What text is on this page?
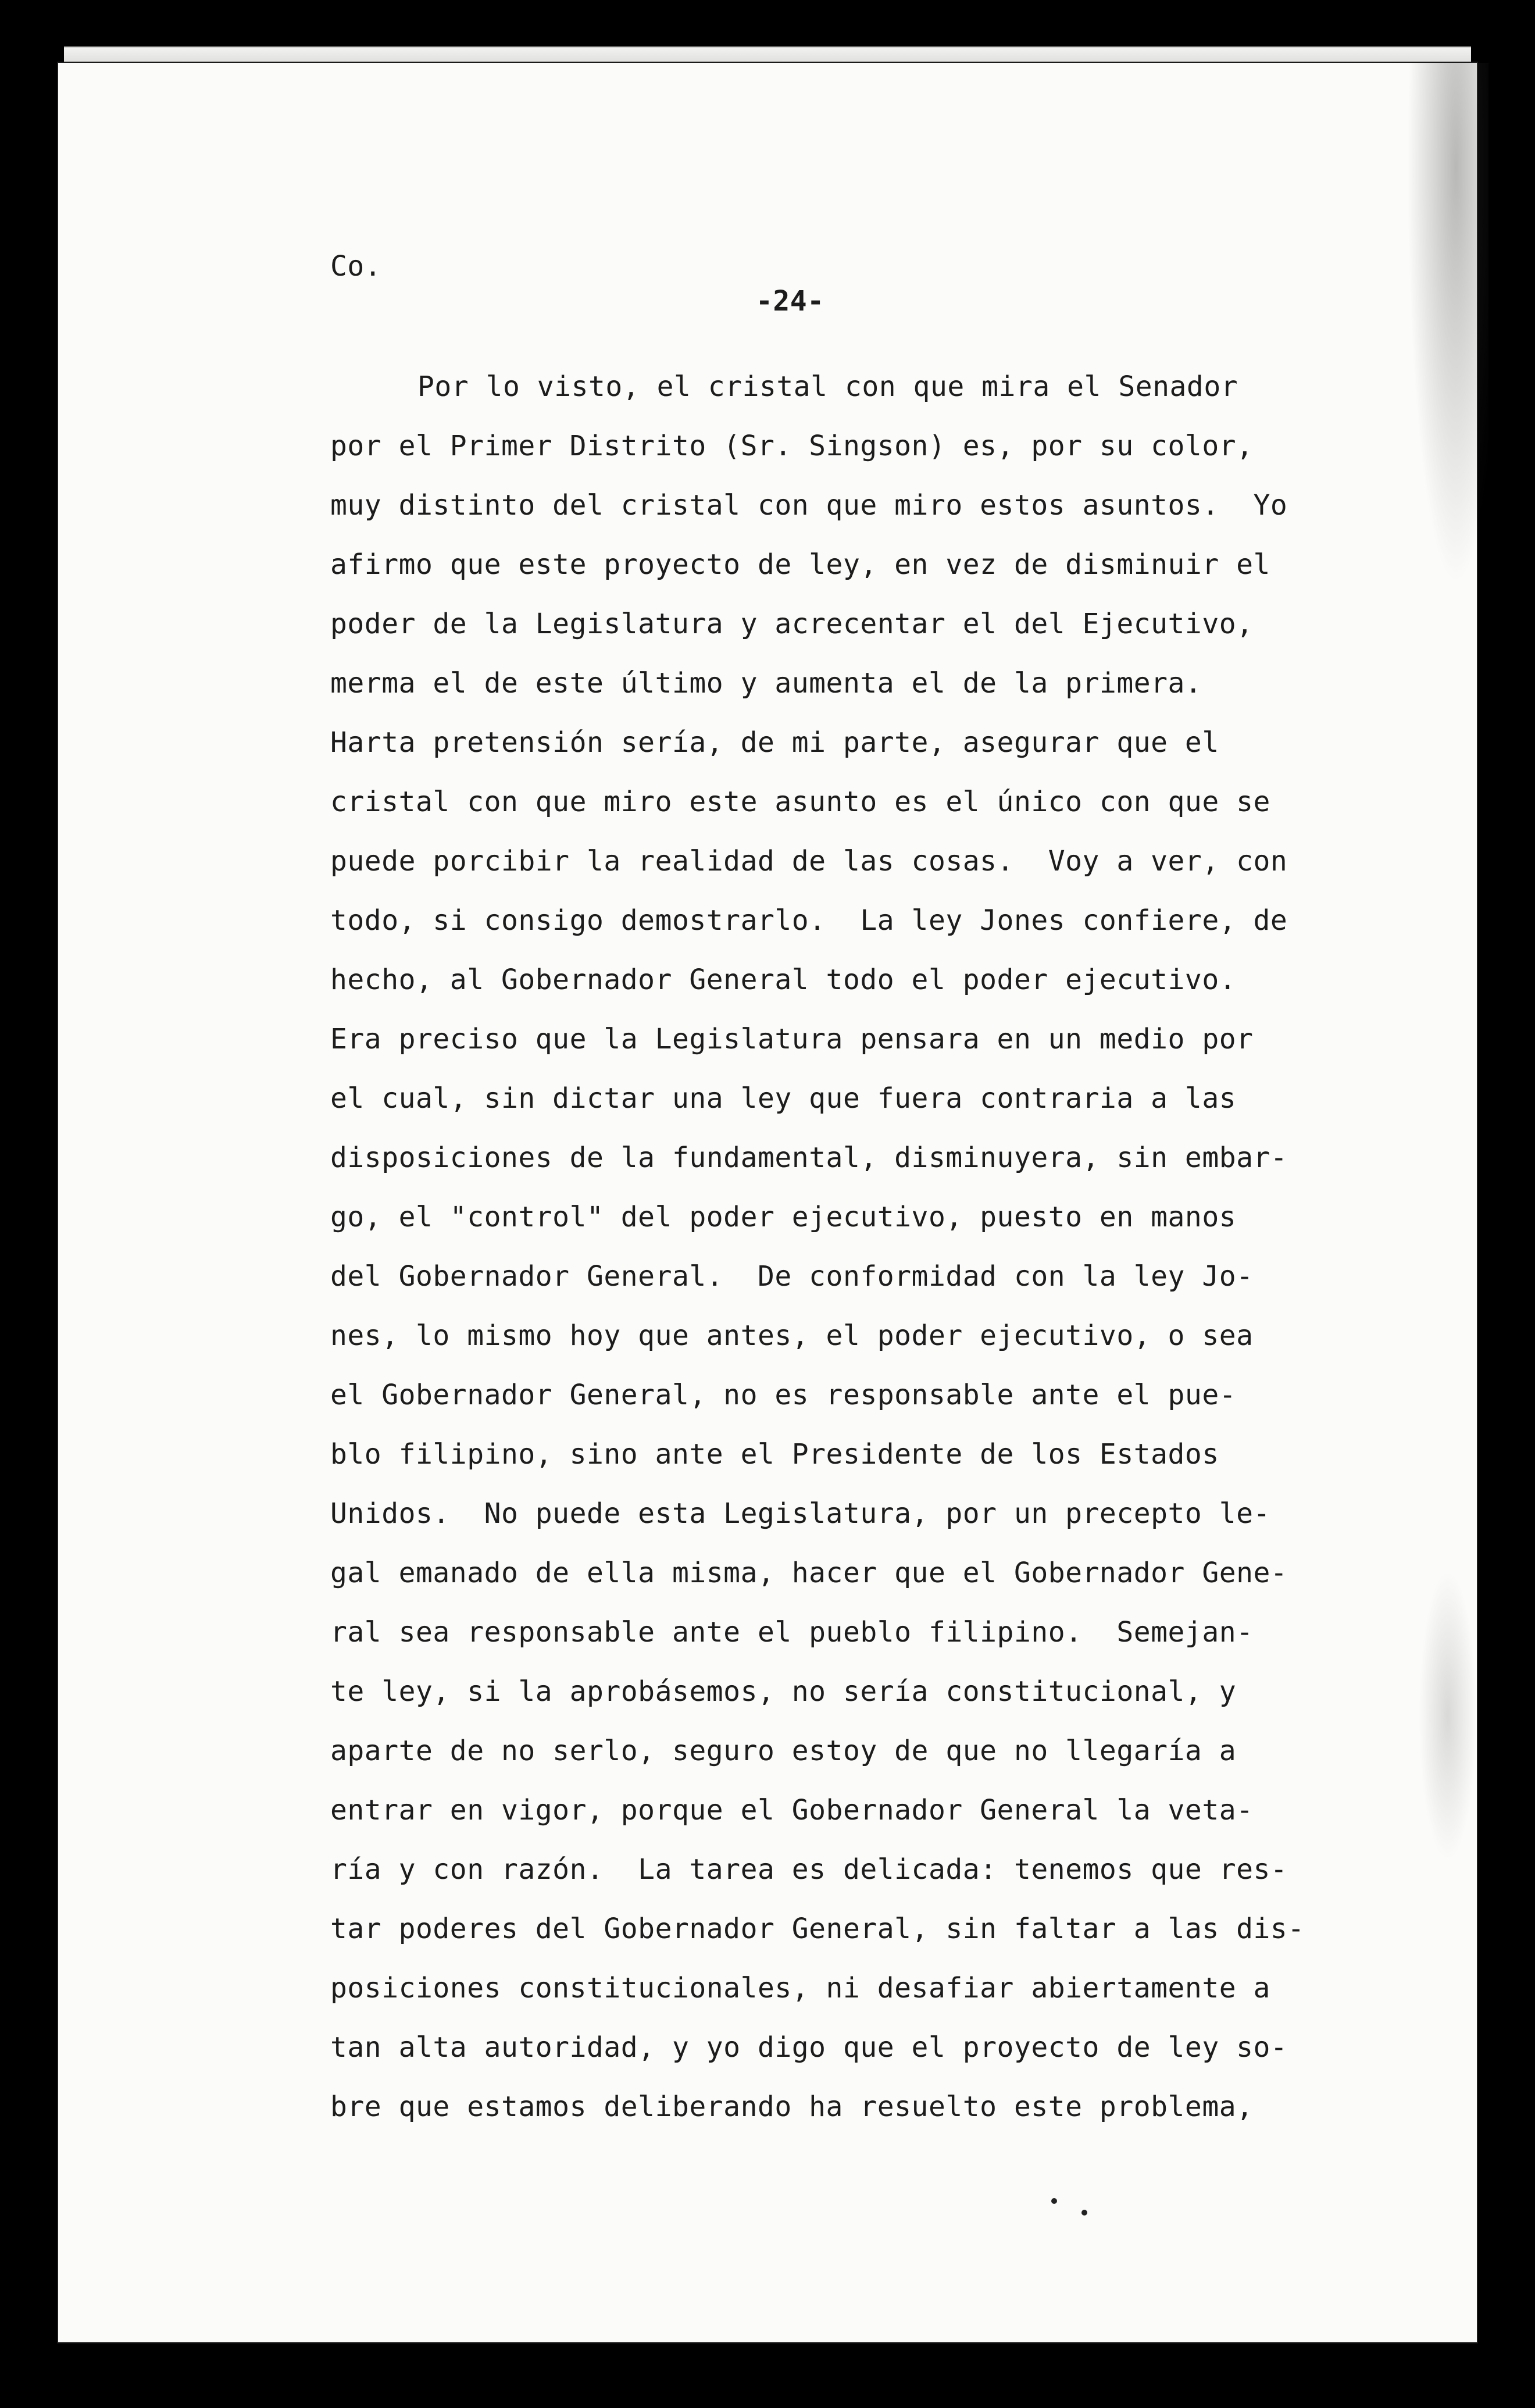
Co.
-24-
Por lo visto, el cristal con que mira el Senador
por el Primer Distrito (Sr. Singson) es, por su color,
muy distinto del cristal con que miro estos asuntos.  Yo
afirmo que este proyecto de ley, en vez de disminuir el
poder de la Legislatura y acrecentar el del Ejecutivo,
merma el de este último y aumenta el de la primera.
Harta pretensión sería, de mi parte, asegurar que el
cristal con que miro este asunto es el único con que se
puede porcibir la realidad de las cosas.  Voy a ver, con
todo, si consigo demostrarlo.  La ley Jones confiere, de
hecho, al Gobernador General todo el poder ejecutivo.
Era preciso que la Legislatura pensara en un medio por
el cual, sin dictar una ley que fuera contraria a las
disposiciones de la fundamental, disminuyera, sin embar-
go, el "control" del poder ejecutivo, puesto en manos
del Gobernador General.  De conformidad con la ley Jo-
nes, lo mismo hoy que antes, el poder ejecutivo, o sea
el Gobernador General, no es responsable ante el pue-
blo filipino, sino ante el Presidente de los Estados
Unidos.  No puede esta Legislatura, por un precepto le-
gal emanado de ella misma, hacer que el Gobernador Gene-
ral sea responsable ante el pueblo filipino.  Semejan-
te ley, si la aprobásemos, no sería constitucional, y
aparte de no serlo, seguro estoy de que no llegaría a
entrar en vigor, porque el Gobernador General la veta-
ría y con razón.  La tarea es delicada: tenemos que res-
tar poderes del Gobernador General, sin faltar a las dis-
posiciones constitucionales, ni desafiar abiertamente a
tan alta autoridad, y yo digo que el proyecto de ley so-
bre que estamos deliberando ha resuelto este problema,
